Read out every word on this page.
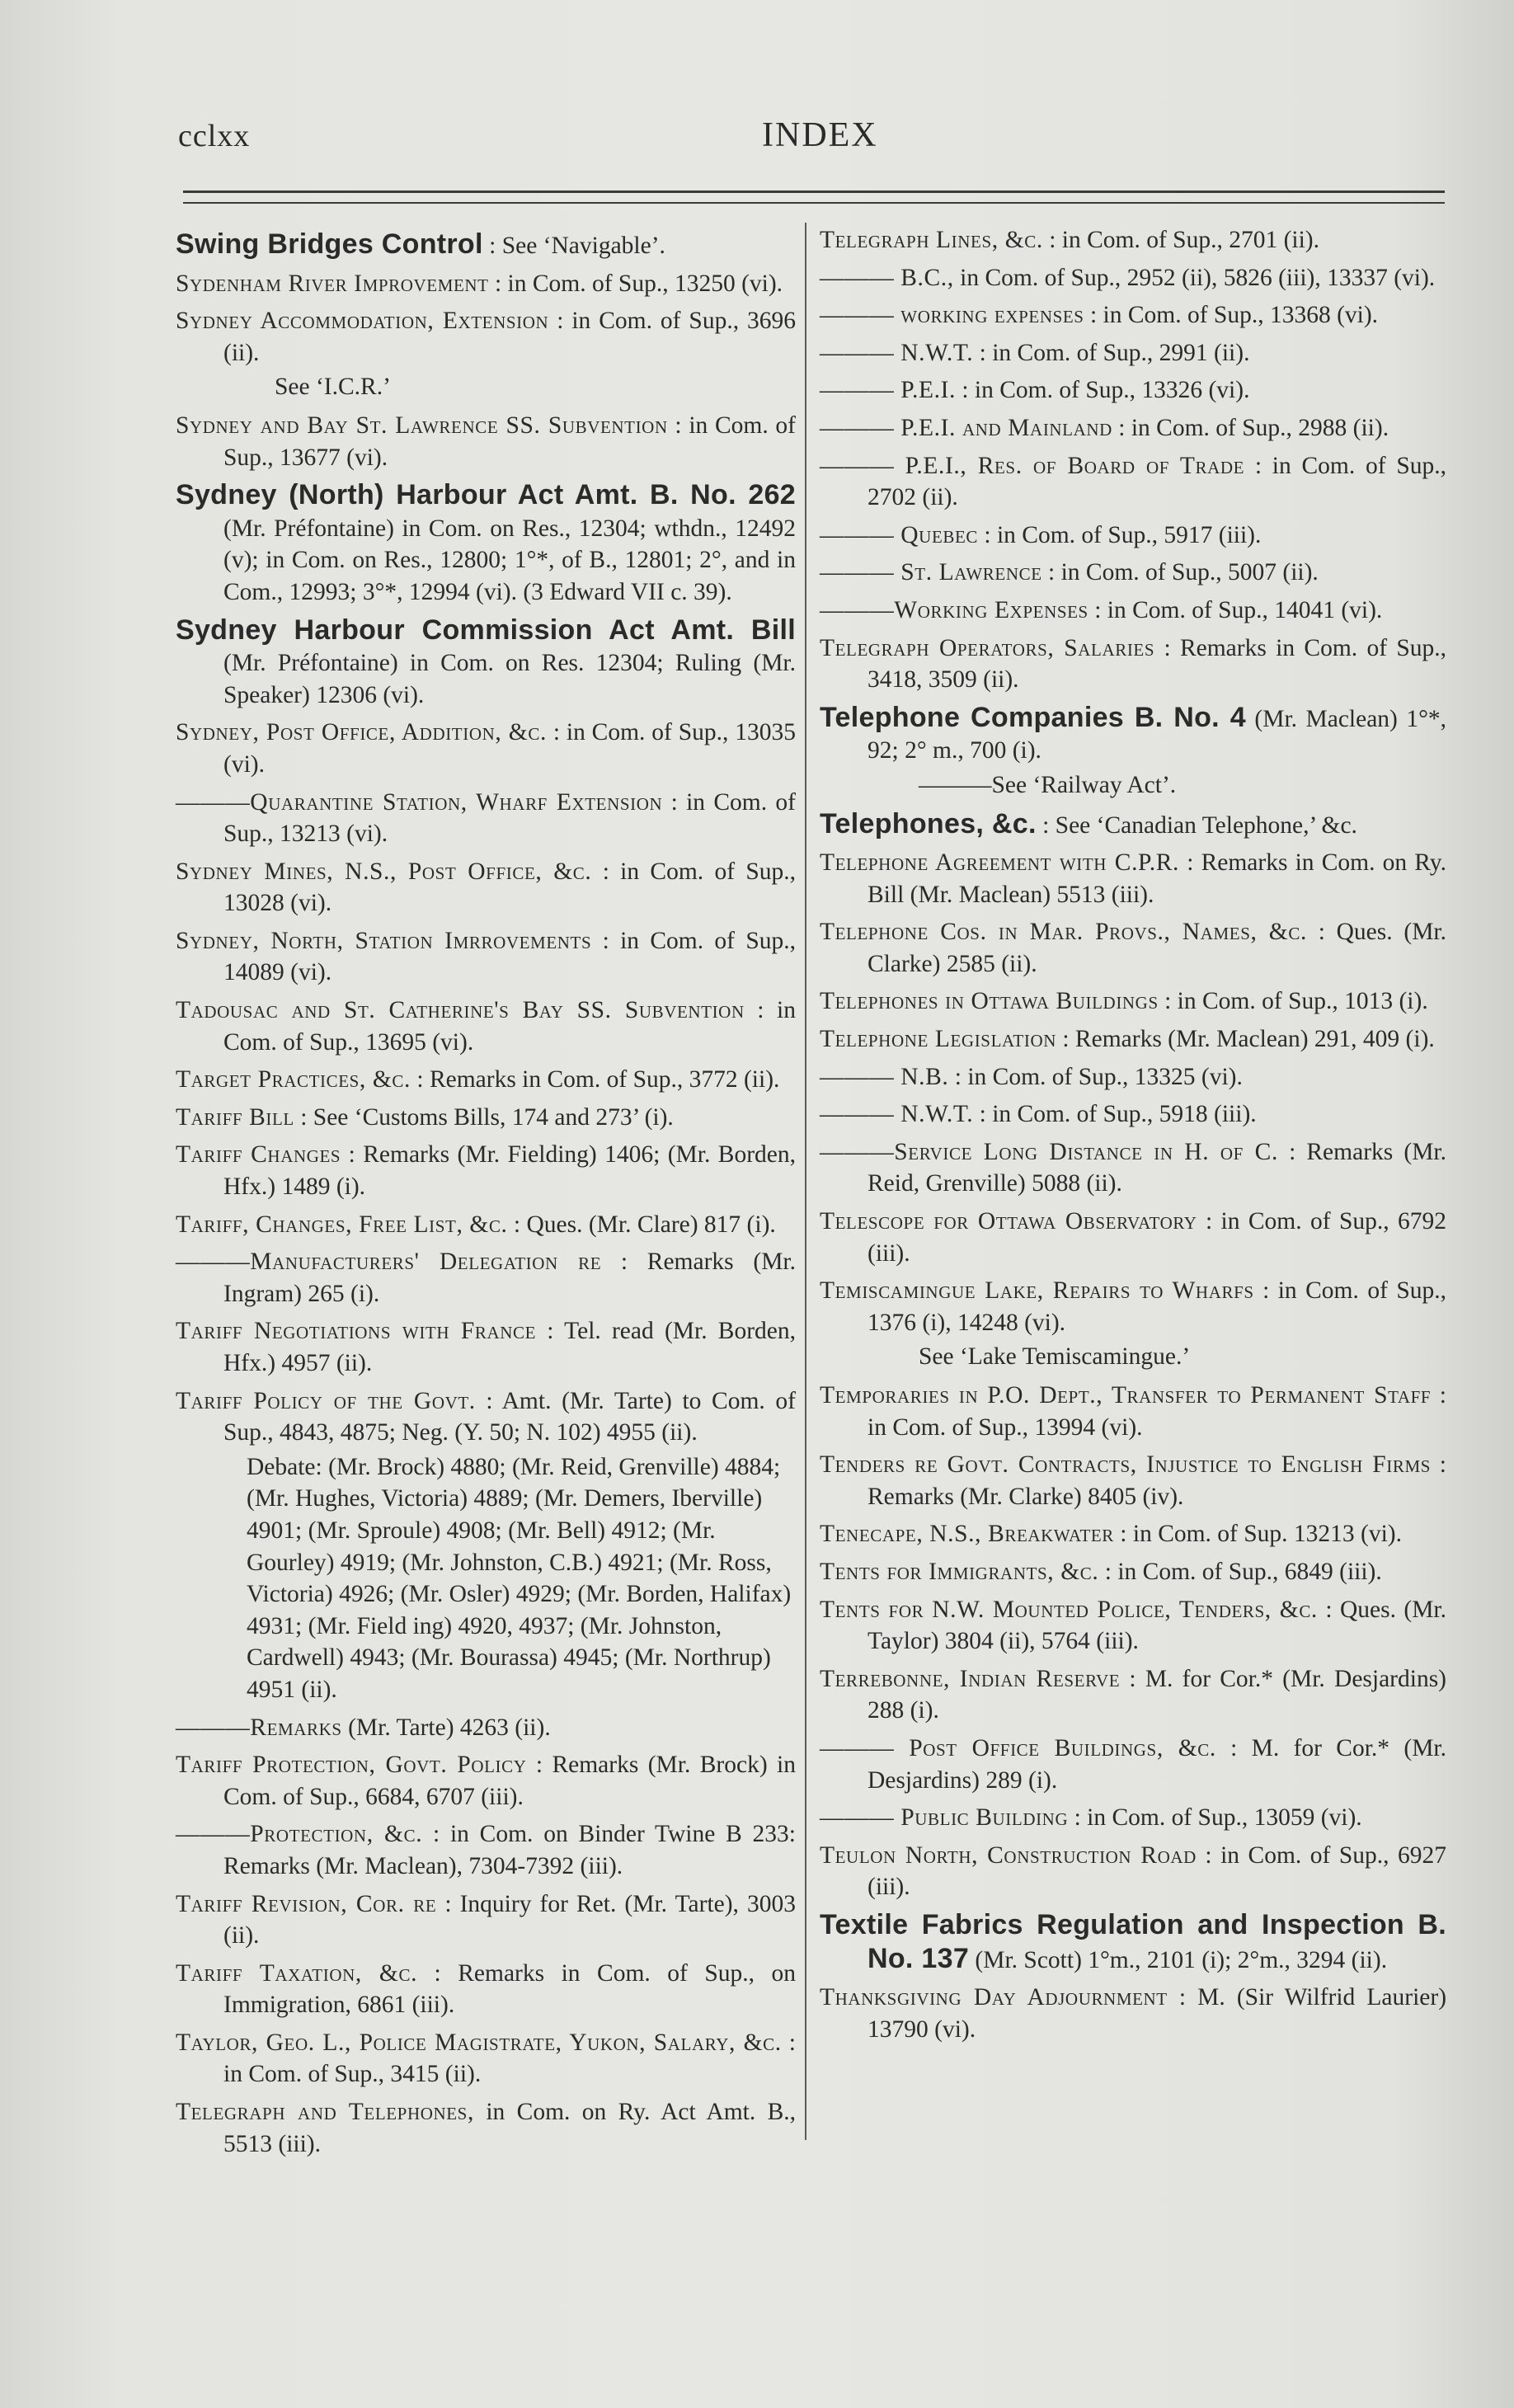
cclxx	INDEX
Swing Bridges Control : See ‘Navigable’.
Sydenham River Improvement : in Com. of Sup., 13250 (vi).
Sydney Accommodation, Extension : in Com. of Sup., 3696 (ii).
See ‘I.C.R.’
Sydney and Bay St. Lawrence SS. Subvention : in Com. of Sup., 13677 (vi).
Sydney (North) Harbour Act Amt. B. No. 262 (Mr. Préfontaine) in Com. on Res., 12304; wthdn., 12492 (v); in Com. on Res., 12800; 1°*, of B., 12801; 2°, and in Com., 12993; 3°*, 12994 (vi). (3 Edward VII c. 39).
Sydney Harbour Commission Act Amt. Bill (Mr. Préfontaine) in Com. on Res. 12304; Ruling (Mr. Speaker) 12306 (vi).
Sydney, Post Office, Addition, &c. : in Com. of Sup., 13035 (vi).
———Quarantine Station, Wharf Extension : in Com. of Sup., 13213 (vi).
Sydney Mines, N.S., Post Office, &c. : in Com. of Sup., 13028 (vi).
Sydney, North, Station Imrrovements : in Com. of Sup., 14089 (vi).
Tadousac and St. Catherine's Bay SS. Subvention : in Com. of Sup., 13695 (vi).
Target Practices, &c. : Remarks in Com. of Sup., 3772 (ii).
Tariff Bill : See ‘Customs Bills, 174 and 273’ (i).
Tariff Changes : Remarks (Mr. Fielding) 1406; (Mr. Borden, Hfx.) 1489 (i).
Tariff, Changes, Free List, &c. : Ques. (Mr. Clare) 817 (i).
———Manufacturers' Delegation re : Remarks (Mr. Ingram) 265 (i).
Tariff Negotiations with France : Tel. read (Mr. Borden, Hfx.) 4957 (ii).
Tariff Policy of the Govt. : Amt. (Mr. Tarte) to Com. of Sup., 4843, 4875; Neg. (Y. 50; N. 102) 4955 (ii).
Debate: (Mr. Brock) 4880; (Mr. Reid, Grenville) 4884; (Mr. Hughes, Victoria) 4889; (Mr. Demers, Iberville) 4901; (Mr. Sproule) 4908; (Mr. Bell) 4912; (Mr. Gourley) 4919; (Mr. Johnston, C.B.) 4921; (Mr. Ross, Victoria) 4926; (Mr. Osler) 4929; (Mr. Borden, Halifax) 4931; (Mr. Field ing) 4920, 4937; (Mr. Johnston, Cardwell) 4943; (Mr. Bourassa) 4945; (Mr. Northrup) 4951 (ii).
———Remarks (Mr. Tarte) 4263 (ii).
Tariff Protection, Govt. Policy : Remarks (Mr. Brock) in Com. of Sup., 6684, 6707 (iii).
———Protection, &c. : in Com. on Binder Twine B 233: Remarks (Mr. Maclean), 7304-7392 (iii).
Tariff Revision, Cor. re : Inquiry for Ret. (Mr. Tarte), 3003 (ii).
Tariff Taxation, &c. : Remarks in Com. of Sup., on Immigration, 6861 (iii).
Taylor, Geo. L., Police Magistrate, Yukon, Salary, &c. : in Com. of Sup., 3415 (ii).
Telegraph and Telephones, in Com. on Ry. Act Amt. B., 5513 (iii).
Telegraph Lines, &c. : in Com. of Sup., 2701 (ii).
——— B.C., in Com. of Sup., 2952 (ii), 5826 (iii), 13337 (vi).
——— working expenses : in Com. of Sup., 13368 (vi).
——— N.W.T. : in Com. of Sup., 2991 (ii).
——— P.E.I. : in Com. of Sup., 13326 (vi).
——— P.E.I. and Mainland : in Com. of Sup., 2988 (ii).
——— P.E.I., Res. of Board of Trade : in Com. of Sup., 2702 (ii).
——— Quebec : in Com. of Sup., 5917 (iii).
——— St. Lawrence : in Com. of Sup., 5007 (ii).
———Working Expenses : in Com. of Sup., 14041 (vi).
Telegraph Operators, Salaries : Remarks in Com. of Sup., 3418, 3509 (ii).
Telephone Companies B. No. 4 (Mr. Maclean) 1°*, 92; 2° m., 700 (i).
———See ‘Railway Act’.
Telephones, &c. : See ‘Canadian Telephone,’ &c.
Telephone Agreement with C.P.R. : Remarks in Com. on Ry. Bill (Mr. Maclean) 5513 (iii).
Telephone Cos. in Mar. Provs., Names, &c. : Ques. (Mr. Clarke) 2585 (ii).
Telephones in Ottawa Buildings : in Com. of Sup., 1013 (i).
Telephone Legislation : Remarks (Mr. Maclean) 291, 409 (i).
——— N.B. : in Com. of Sup., 13325 (vi).
——— N.W.T. : in Com. of Sup., 5918 (iii).
———Service Long Distance in H. of C. : Remarks (Mr. Reid, Grenville) 5088 (ii).
Telescope for Ottawa Observatory : in Com. of Sup., 6792 (iii).
Temiscamingue Lake, Repairs to Wharfs : in Com. of Sup., 1376 (i), 14248 (vi).
See ‘Lake Temiscamingue.’
Temporaries in P.O. Dept., Transfer to Permanent Staff : in Com. of Sup., 13994 (vi).
Tenders re Govt. Contracts, Injustice to English Firms : Remarks (Mr. Clarke) 8405 (iv).
Tenecape, N.S., Breakwater : in Com. of Sup. 13213 (vi).
Tents for Immigrants, &c. : in Com. of Sup., 6849 (iii).
Tents for N.W. Mounted Police, Tenders, &c. : Ques. (Mr. Taylor) 3804 (ii), 5764 (iii).
Terrebonne, Indian Reserve : M. for Cor.* (Mr. Desjardins) 288 (i).
——— Post Office Buildings, &c. : M. for Cor.* (Mr. Desjardins) 289 (i).
——— Public Building : in Com. of Sup., 13059 (vi).
Teulon North, Construction Road : in Com. of Sup., 6927 (iii).
Textile Fabrics Regulation and Inspection B. No. 137 (Mr. Scott) 1°m., 2101 (i); 2°m., 3294 (ii).
Thanksgiving Day Adjournment : M. (Sir Wilfrid Laurier) 13790 (vi).
